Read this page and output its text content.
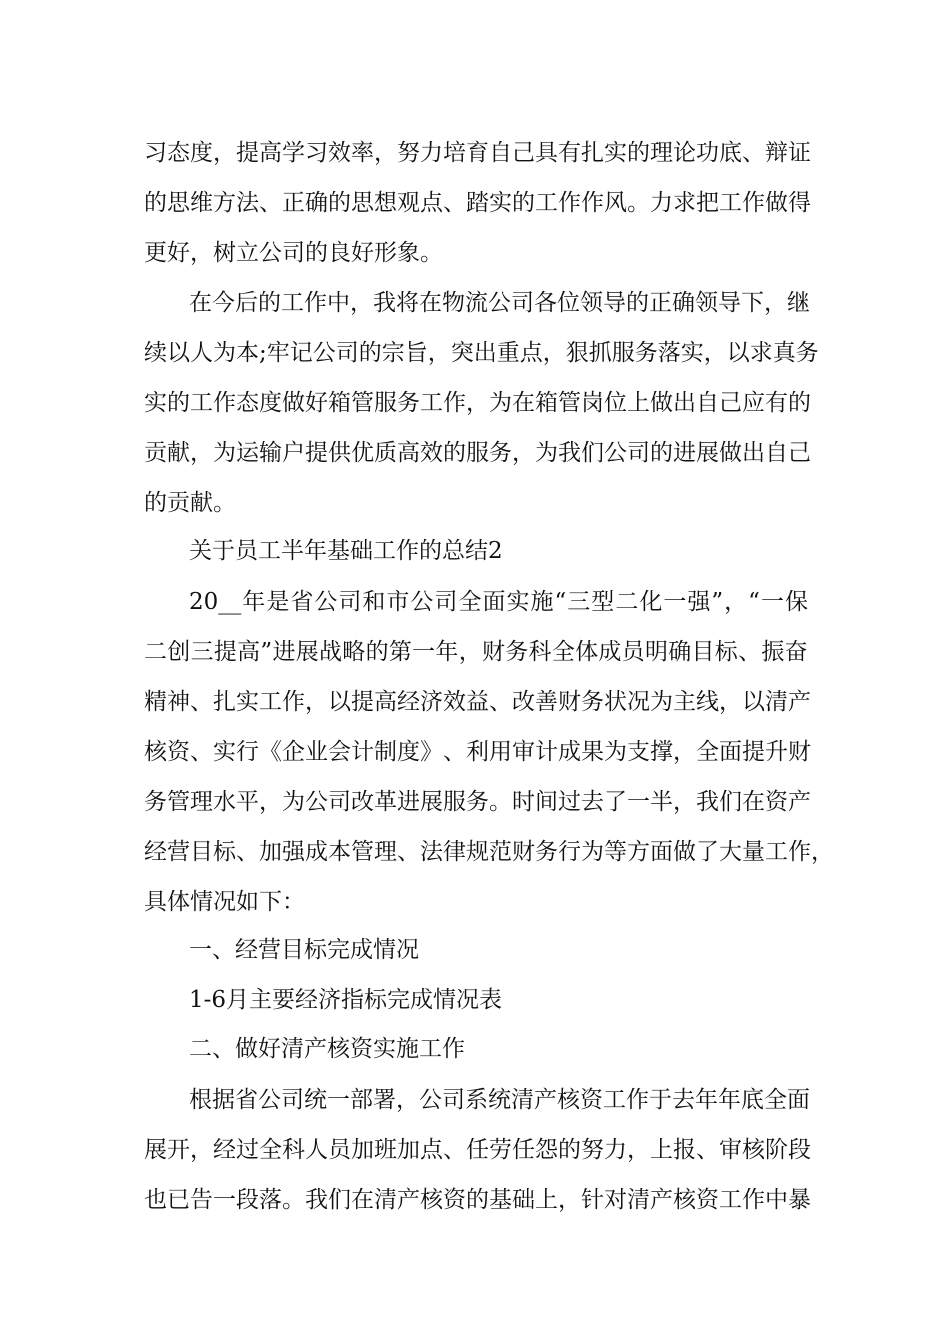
习 态 度 ， 提 高 学 习 效 率 ， 努 力 培 育 自 己 具 有 扎 实 的 理 论 功 底 、 辩 证
的 思 维 方 法 、 正 确 的 思 想 观 点 、 踏 实 的 工 作 作 风 。 力 求 把 工 作 做 得
更好，树立公司的良好形象。
在 今 后 的 工 作 中 ， 我 将 在 物 流 公 司 各 位 领 导 的 正 确 领 导 下 ， 继
续 以 人 为 本 ; 牢 记 公 司 的 宗 旨 ， 突 出 重 点 ， 狠 抓 服 务 落 实 ， 以 求 真 务
实 的 工 作 态 度 做 好 箱 管 服 务 工 作 ， 为 在 箱 管 岗 位 上 做 出 自 己 应 有 的
贡 献 ， 为 运 输 户 提 供 优 质 高 效 的 服 务 ， 为 我 们 公 司 的 进 展 做 出 自 己
的贡献。
关于员工半年基础工作的总结2
20__ 年 是 省 公 司 和 市 公 司 全 面 实 施 “ 三 型 二 化 一 强 ” ， “ 一 保
二 创 三 提 高 ” 进 展 战 略 的 第 一 年 ， 财 务 科 全 体 成 员 明 确 目 标 、 振 奋
精 神 、 扎 实 工 作 ， 以 提 高 经 济 效 益 、 改 善 财 务 状 况 为 主 线 ， 以 清 产
核 资 、 实 行 《 企 业 会 计 制 度 》 、 利 用 审 计 成 果 为 支 撑 ， 全 面 提 升 财
务 管 理 水 平 ， 为 公 司 改 革 进 展 服 务 。 时 间 过 去 了 一 半 ， 我 们 在 资 产
经 营 目 标 、 加 强 成 本 管 理 、 法 律 规 范 财 务 行 为 等 方 面 做 了 大 量 工 作 ，
具体情况如下：
一、经营目标完成情况
1-6月主要经济指标完成情况表
二、做好清产核资实施工作
根 据 省 公 司 统 一 部 署 ， 公 司 系 统 清 产 核 资 工 作 于 去 年 年 底 全 面
展 开 ， 经 过 全 科 人 员 加 班 加 点 、 任 劳 任 怨 的 努 力 ， 上 报 、 审 核 阶 段
也 已 告 一 段 落 。 我 们 在 清 产 核 资 的 基 础 上 ， 针 对 清 产 核 资 工 作 中 暴
